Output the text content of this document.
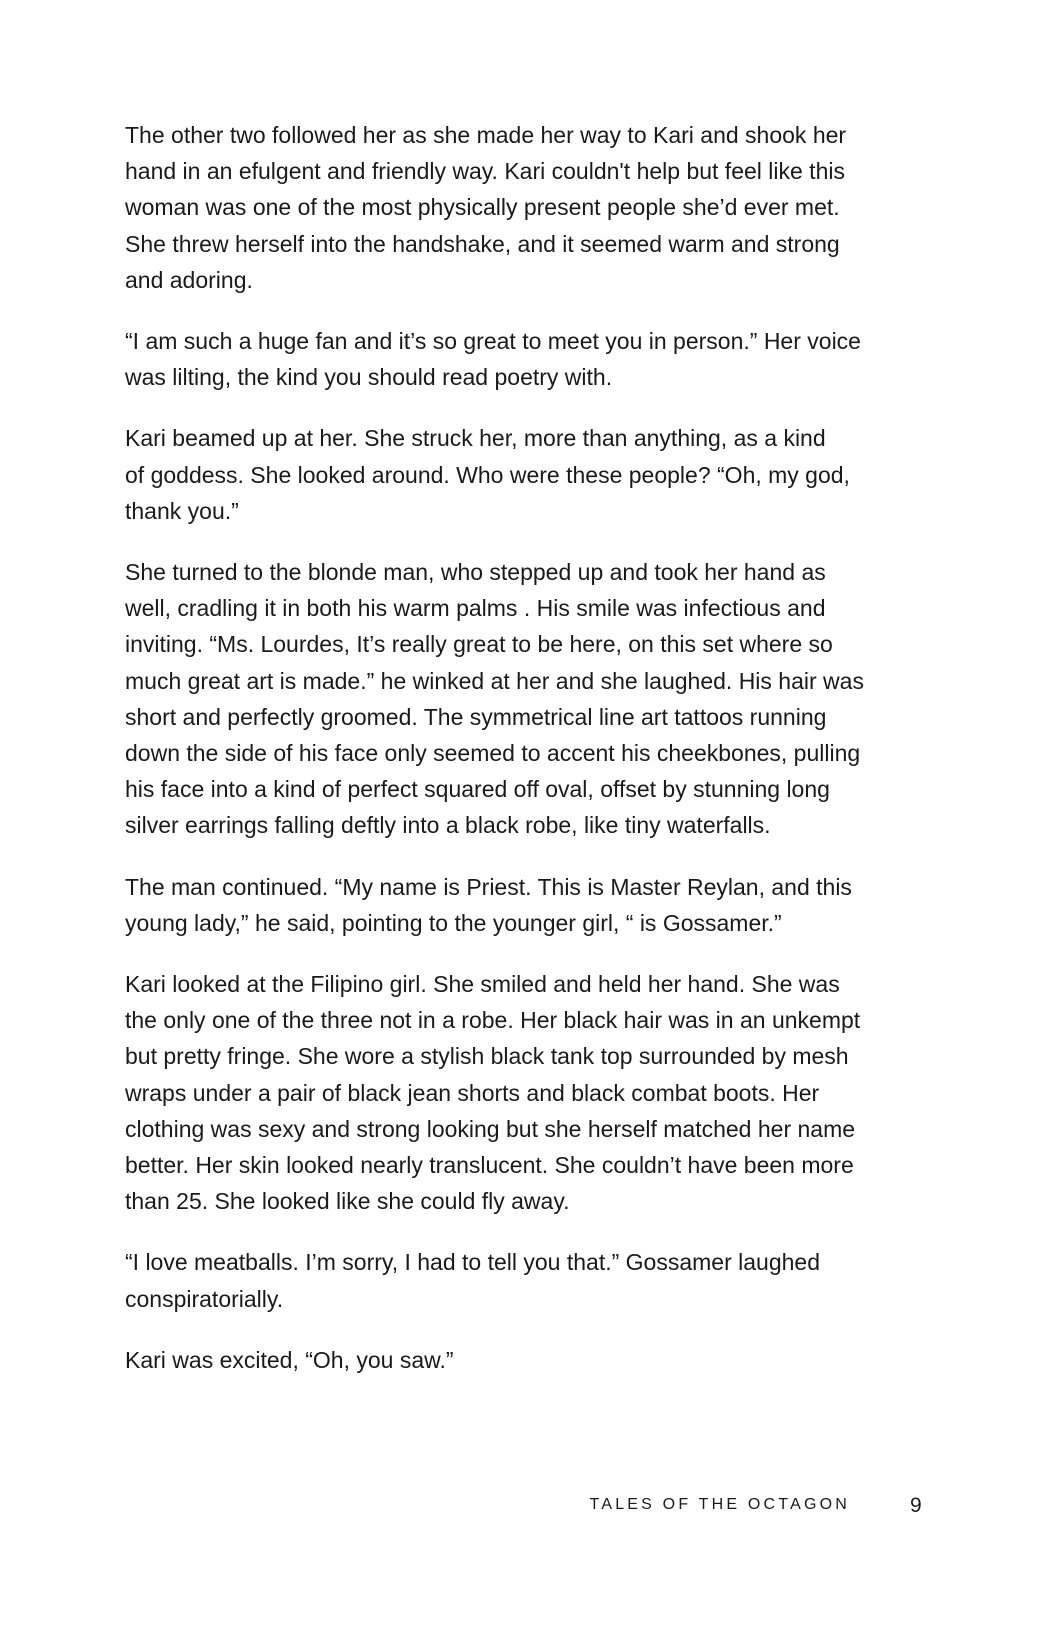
The other two followed her as she made her way to Kari and shook her
hand in an efulgent and friendly way. Kari couldn't help but feel like this
woman was one of the most physically present people she’d ever met.
She threw herself into the handshake, and it seemed warm and strong
and adoring.

“I am such a huge fan and it’s so great to meet you in person.” Her voice
was lilting, the kind you should read poetry with.

Kari beamed up at her. She struck her, more than anything, as a kind
of goddess. She looked around. Who were these people? “Oh, my god,
thank you.”

She turned to the blonde man, who stepped up and took her hand as
well, cradling it in both his warm palms . His smile was infectious and
inviting. “Ms. Lourdes, It’s really great to be here, on this set where so
much great art is made.” he winked at her and she laughed. His hair was
short and perfectly groomed. The symmetrical line art tattoos running
down the side of his face only seemed to accent his cheekbones, pulling
his face into a kind of perfect squared off oval, offset by stunning long
silver earrings falling deftly into a black robe, like tiny waterfalls.

The man continued. “My name is Priest. This is Master Reylan, and this
young lady,” he said, pointing to the younger girl, “ is Gossamer.”

Kari looked at the Filipino girl. She smiled and held her hand. She was
the only one of the three not in a robe. Her black hair was in an unkempt
but pretty fringe. She wore a stylish black tank top surrounded by mesh
wraps under a pair of black jean shorts and black combat boots. Her
clothing was sexy and strong looking but she herself matched her name
better. Her skin looked nearly translucent. She couldn’t have been more
than 25. She looked like she could fly away.

“I love meatballs. I’m sorry, I had to tell you that.” Gossamer laughed
conspiratorially.

Kari was excited, “Oh, you saw.”

TALES OF THE OCTAGON	9
